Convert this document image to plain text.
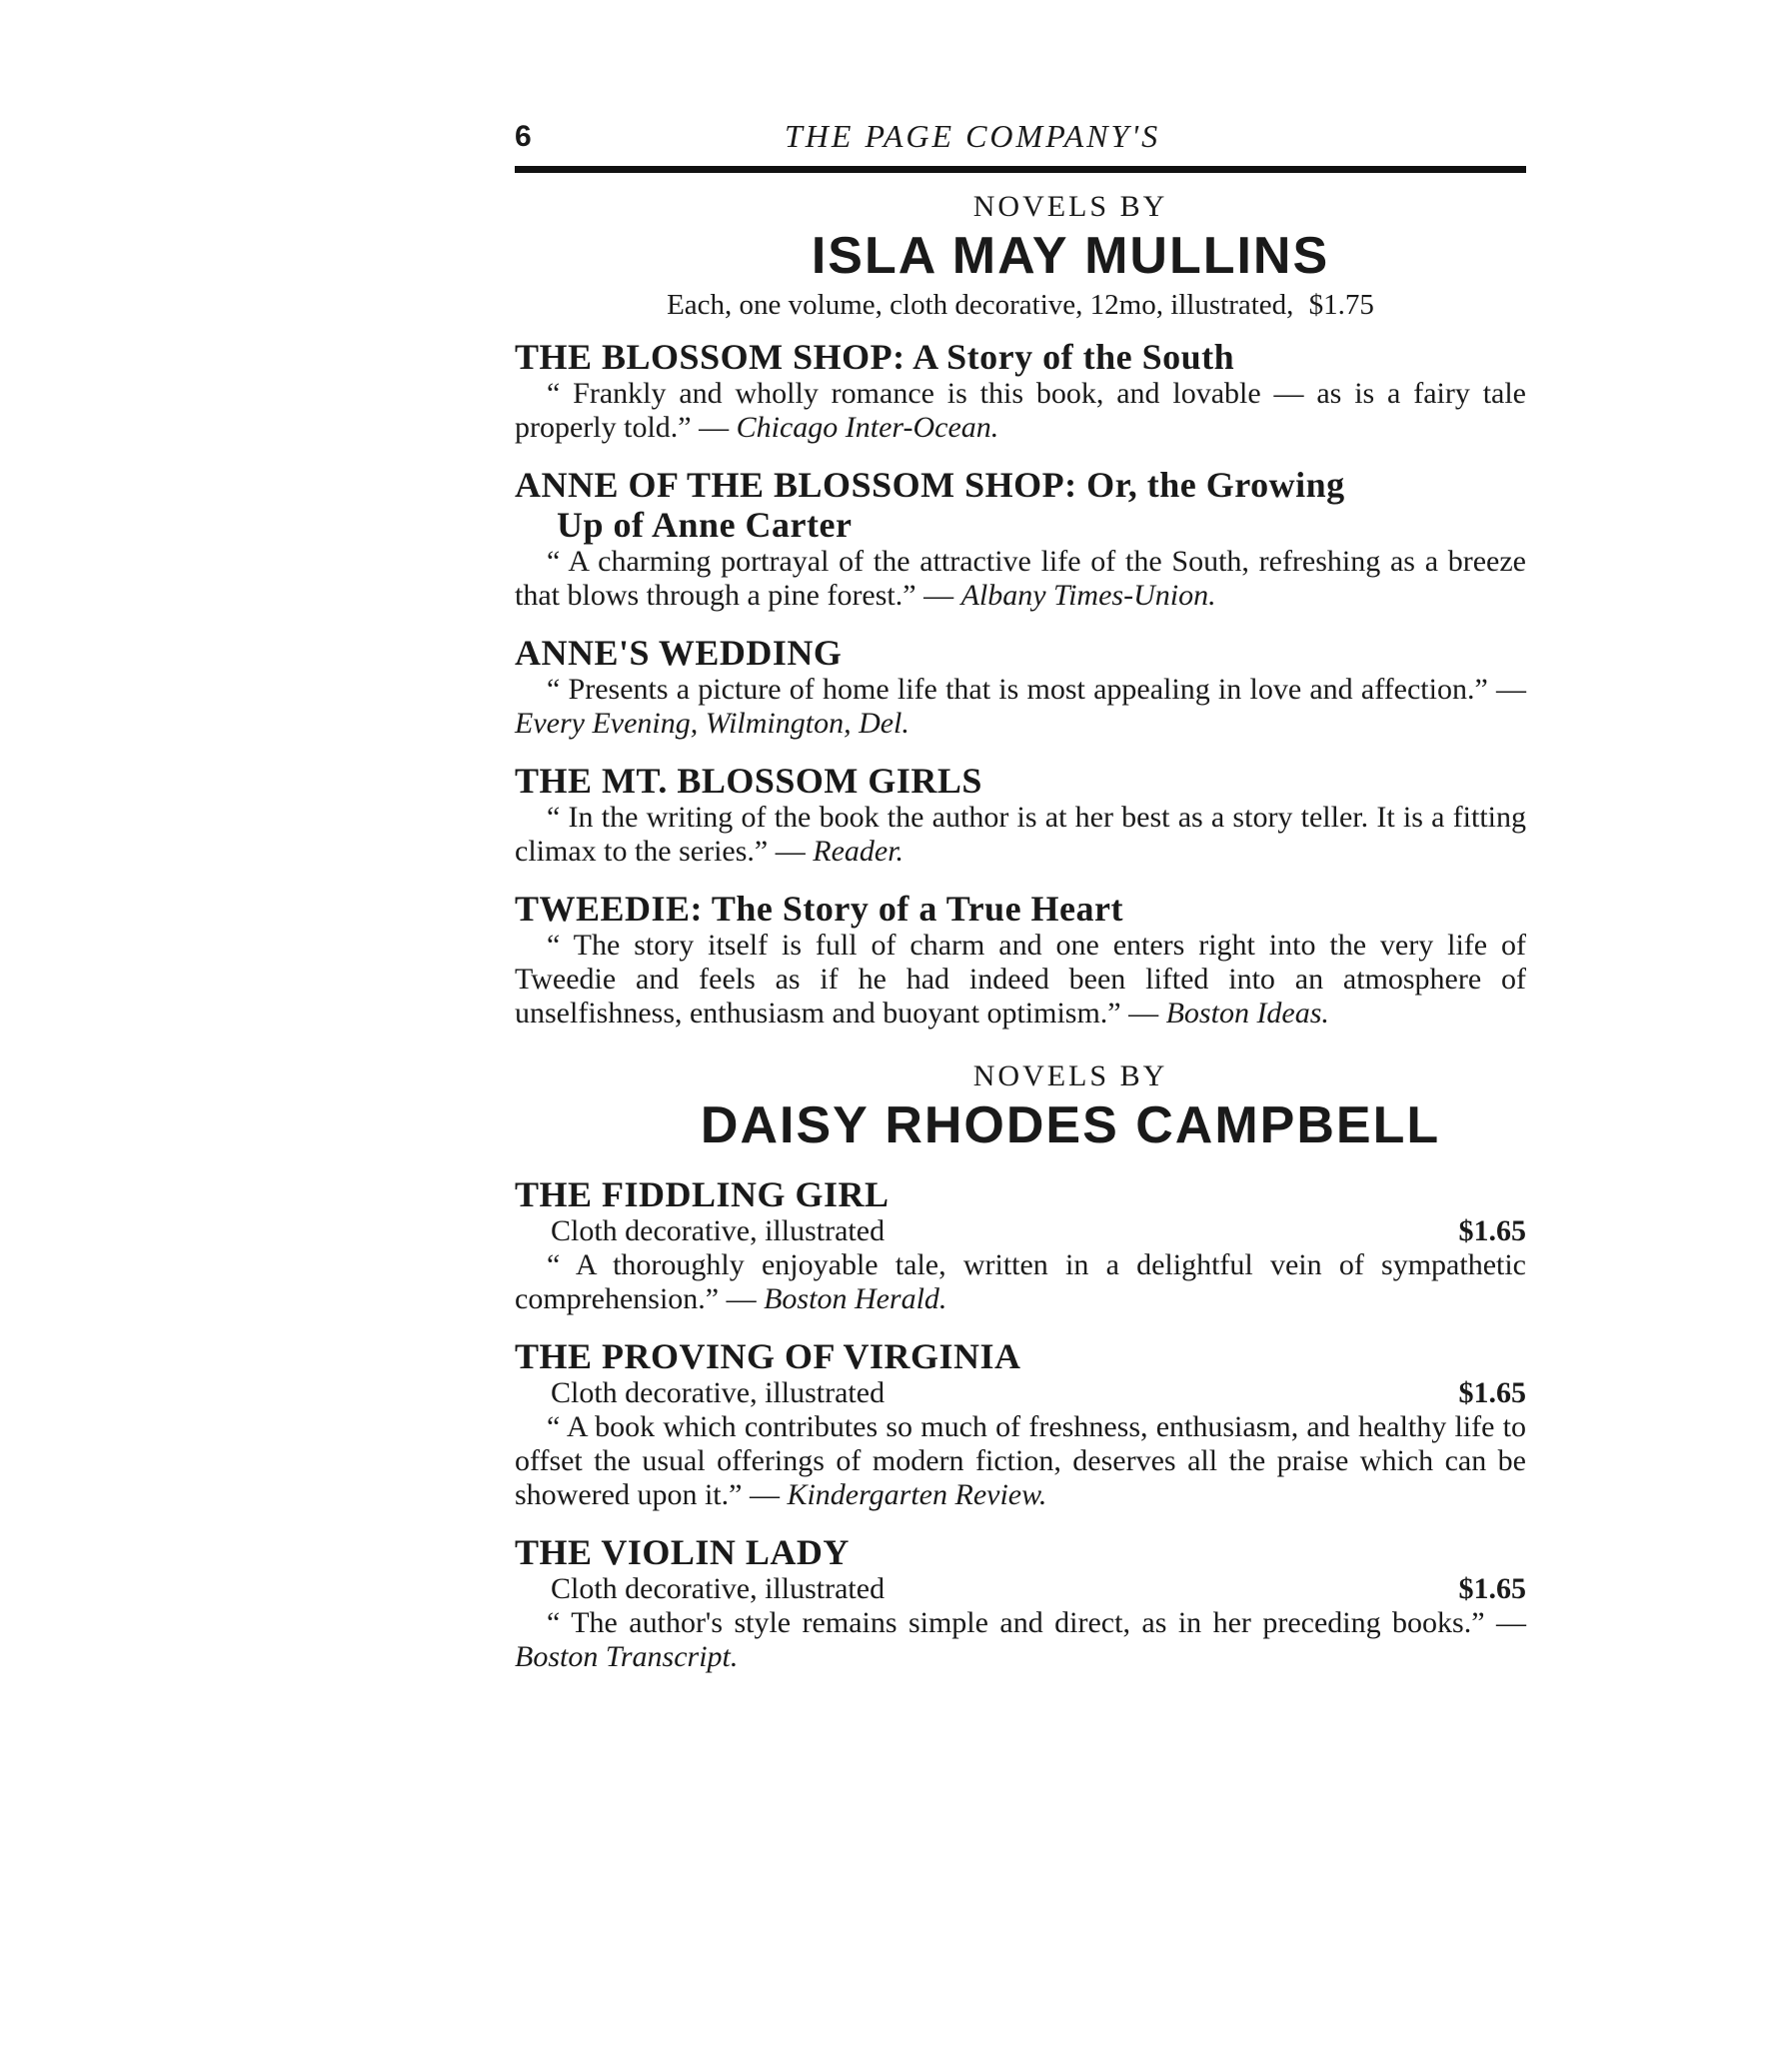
6	THE PAGE COMPANY'S
NOVELS BY
ISLA MAY MULLINS
Each, one volume, cloth decorative, 12mo, illustrated, $1.75
THE BLOSSOM SHOP: A Story of the South
“ Frankly and wholly romance is this book, and lovable — as is a fairy tale properly told.” — Chicago Inter-Ocean.
ANNE OF THE BLOSSOM SHOP: Or, the Growing
Up of Anne Carter
“ A charming portrayal of the attractive life of the South, refreshing as a breeze that blows through a pine forest.” — Albany Times-Union.
ANNE'S WEDDING
“ Presents a picture of home life that is most appealing in love and affection.” — Every Evening, Wilmington, Del.
THE MT. BLOSSOM GIRLS
“ In the writing of the book the author is at her best as a story teller. It is a fitting climax to the series.” — Reader.
TWEEDIE: The Story of a True Heart
“ The story itself is full of charm and one enters right into the very life of Tweedie and feels as if he had indeed been lifted into an atmosphere of unselfishness, enthusiasm and buoyant optimism.” — Boston Ideas.
NOVELS BY
DAISY RHODES CAMPBELL
THE FIDDLING GIRL
Cloth decorative, illustrated	$1.65
“ A thoroughly enjoyable tale, written in a delightful vein of sympathetic comprehension.” — Boston Herald.
THE PROVING OF VIRGINIA
Cloth decorative, illustrated	$1.65
“ A book which contributes so much of freshness, enthusiasm, and healthy life to offset the usual offerings of modern fiction, deserves all the praise which can be showered upon it.” — Kindergarten Review.
THE VIOLIN LADY
Cloth decorative, illustrated	$1.65
“ The author's style remains simple and direct, as in her preceding books.” — Boston Transcript.
